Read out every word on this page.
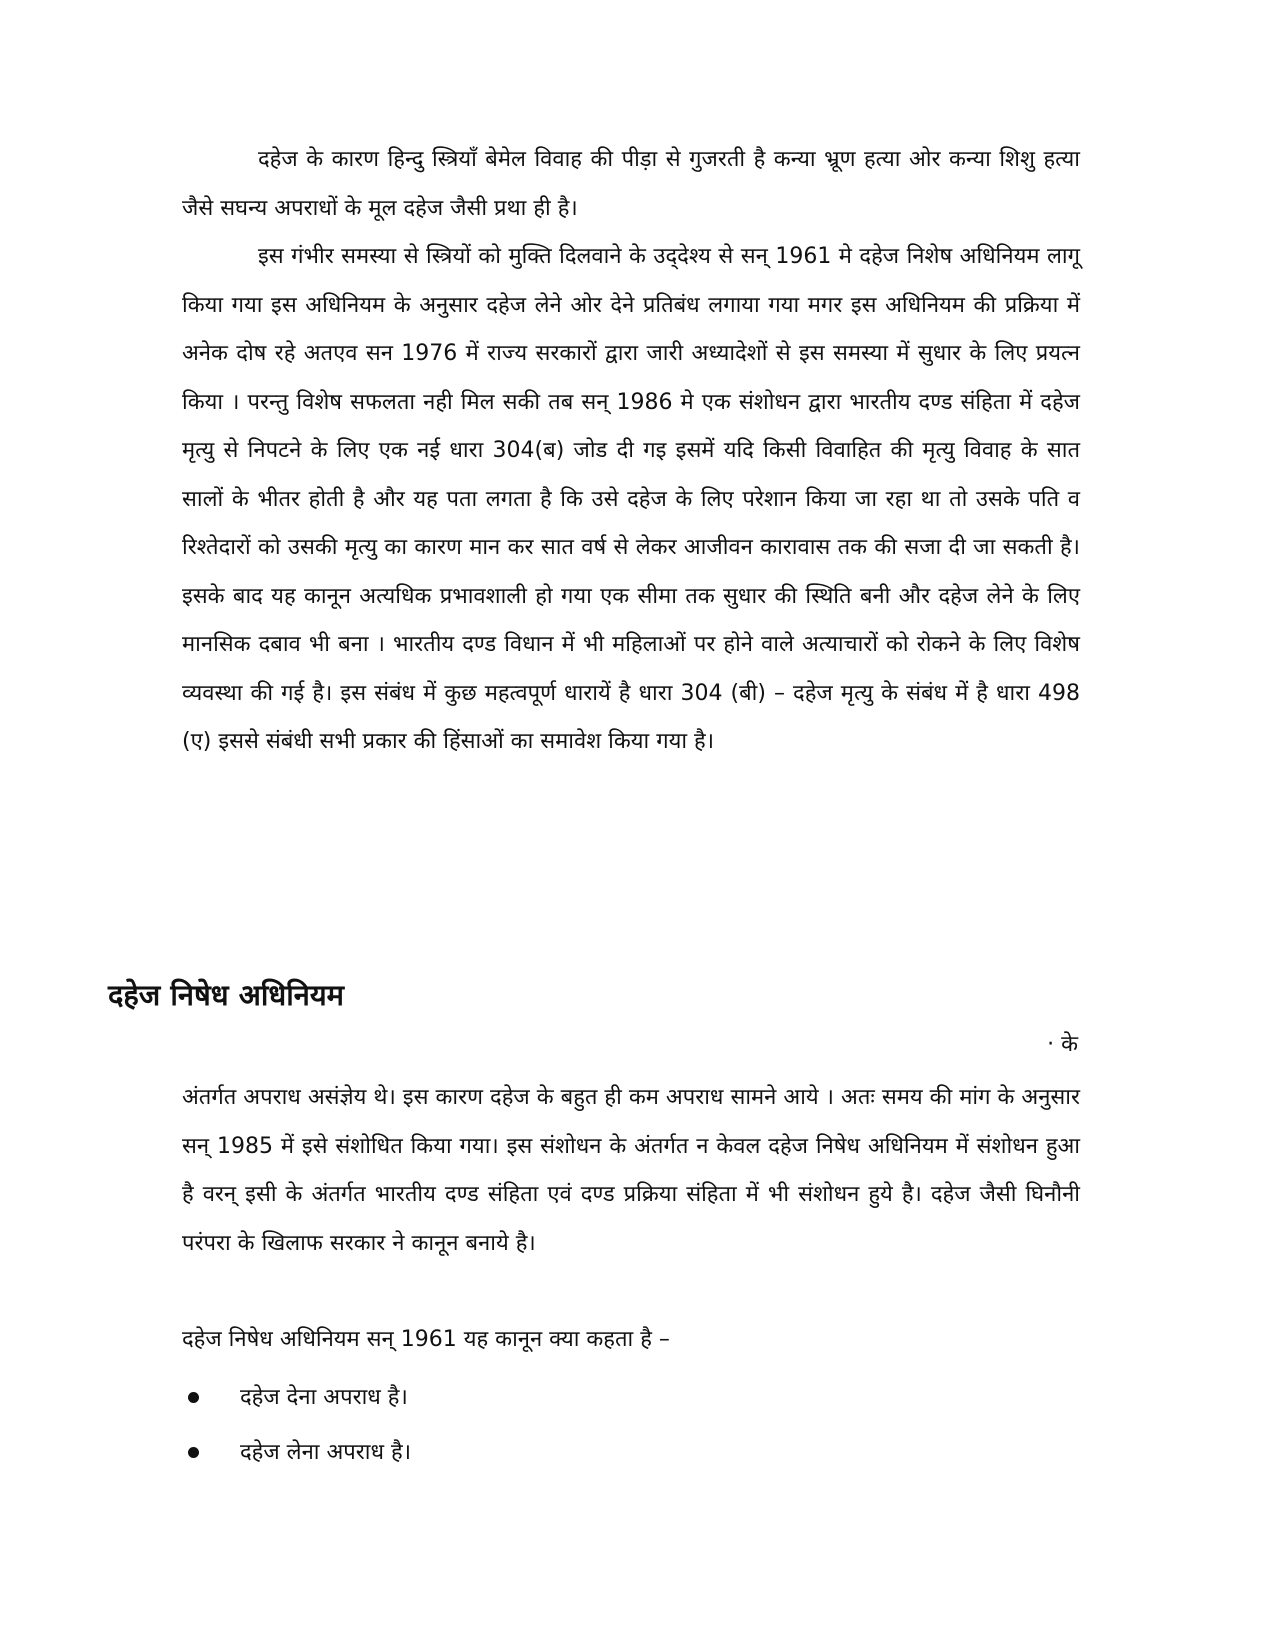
दहेज के कारण हिन्दु स्त्रियाँ बेमेल विवाह की पीड़ा से गुजरती है कन्या भ्रूण हत्या ओर कन्या शिशु हत्या जैसे सघन्य अपराधों के मूल दहेज जैसी प्रथा ही है।

इस गंभीर समस्या से स्त्रियों को मुक्ति दिलवाने के उद्‌देश्य से सन् 1961 मे दहेज निशेष अधिनियम लागू किया गया इस अधिनियम के अनुसार दहेज लेने ओर देने प्रतिबंध लगाया गया मगर इस अधिनियम की प्रक्रिया में अनेक दोष रहे अतएव सन 1976 में राज्य सरकारों द्वारा जारी अध्यादेशों से इस समस्या में सुधार के लिए प्रयत्न किया । परन्तु विशेष सफलता नही मिल सकी तब सन् 1986 मे एक संशोधन द्वारा भारतीय दण्ड संहिता में दहेज मृत्यु से निपटने के लिए एक नई धारा 304(ब) जोड दी गइ इसमें यदि किसी विवाहित की मृत्यु विवाह के सात सालों के भीतर होती है और यह पता लगता है कि उसे दहेज के लिए परेशान किया जा रहा था तो उसके पति व रिश्तेदारों को उसकी मृत्यु का कारण मान कर सात वर्ष से लेकर आजीवन कारावास तक की सजा दी जा सकती है। इसके बाद यह कानून अत्यधिक प्रभावशाली हो गया एक सीमा तक सुधार की स्थिति बनी और दहेज लेने के लिए मानसिक दबाव भी बना । भारतीय दण्ड विधान में भी महिलाओं पर होने वाले अत्याचारों को रोकने के लिए विशेष व्यवस्था की गई है। इस संबंध में कुछ महत्वपूर्ण धारायें है धारा 304 (बी) – दहेज मृत्यु के संबंध में है धारा 498 (ए) इससे संबंधी सभी प्रकार की हिंसाओं का समावेश किया गया है।

दहेज निषेध अधिनियम
· के

अंतर्गत अपराध असंज्ञेय थे। इस कारण दहेज के बहुत ही कम अपराध सामने आये । अतः समय की मांग के अनुसार सन् 1985 में इसे संशोधित किया गया। इस संशोधन के अंतर्गत न केवल दहेज निषेध अधिनियम में संशोधन हुआ है वरन् इसी के अंतर्गत भारतीय दण्ड संहिता एवं दण्ड प्रक्रिया संहिता में भी संशोधन हुये है। दहेज जैसी घिनौनी परंपरा के खिलाफ सरकार ने कानून बनाये है।

दहेज निषेध अधिनियम सन् 1961 यह कानून क्या कहता है –

दहेज देना अपराध है।
दहेज लेना अपराध है।
